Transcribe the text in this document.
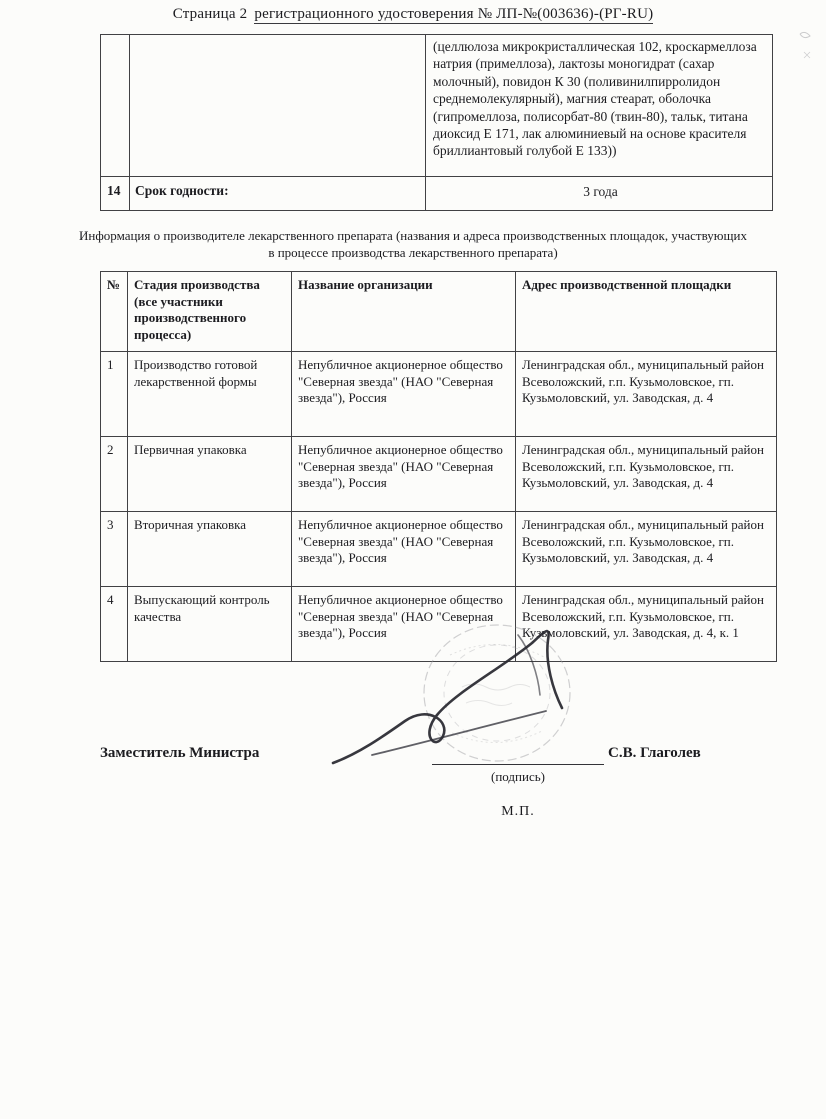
Страница 2 регистрационного удостоверения № ЛП-№(003636)-(РГ-RU)
(целлюлоза микрокристаллическая 102, кроскармеллоза натрия (примеллоза), лактозы моногидрат (сахар молочный), повидон К 30 (поливинилпирролидон среднемолекулярный), магния стеарат, оболочка (гипромеллоза, полисорбат-80 (твин-80), тальк, титана диоксид Е 171, лак алюминиевый на основе красителя бриллиантовый голубой Е 133))
14	Срок годности:	3 года
Информация о производителе лекарственного препарата (названия и адреса производственных площадок, участвующих в процессе производства лекарственного препарата)
№	Стадия производства (все участники производственного процесса)	Название организации	Адрес производственной площадки
1	Производство готовой лекарственной формы	Непубличное акционерное общество "Северная звезда" (НАО "Северная звезда"), Россия	Ленинградская обл., муниципальный район Всеволожский, г.п. Кузьмоловское, гп. Кузьмоловский, ул. Заводская, д. 4
2	Первичная упаковка	Непубличное акционерное общество "Северная звезда" (НАО "Северная звезда"), Россия	Ленинградская обл., муниципальный район Всеволожский, г.п. Кузьмоловское, гп. Кузьмоловский, ул. Заводская, д. 4
3	Вторичная упаковка	Непубличное акционерное общество "Северная звезда" (НАО "Северная звезда"), Россия	Ленинградская обл., муниципальный район Всеволожский, г.п. Кузьмоловское, гп. Кузьмоловский, ул. Заводская, д. 4
4	Выпускающий контроль качества	Непубличное акционерное общество "Северная звезда" (НАО "Северная звезда"), Россия	Ленинградская обл., муниципальный район Всеволожский, г.п. Кузьмоловское, гп. Кузьмоловский, ул. Заводская, д. 4, к. 1
Заместитель Министра	С.В. Глаголев
(подпись)
М.П.
